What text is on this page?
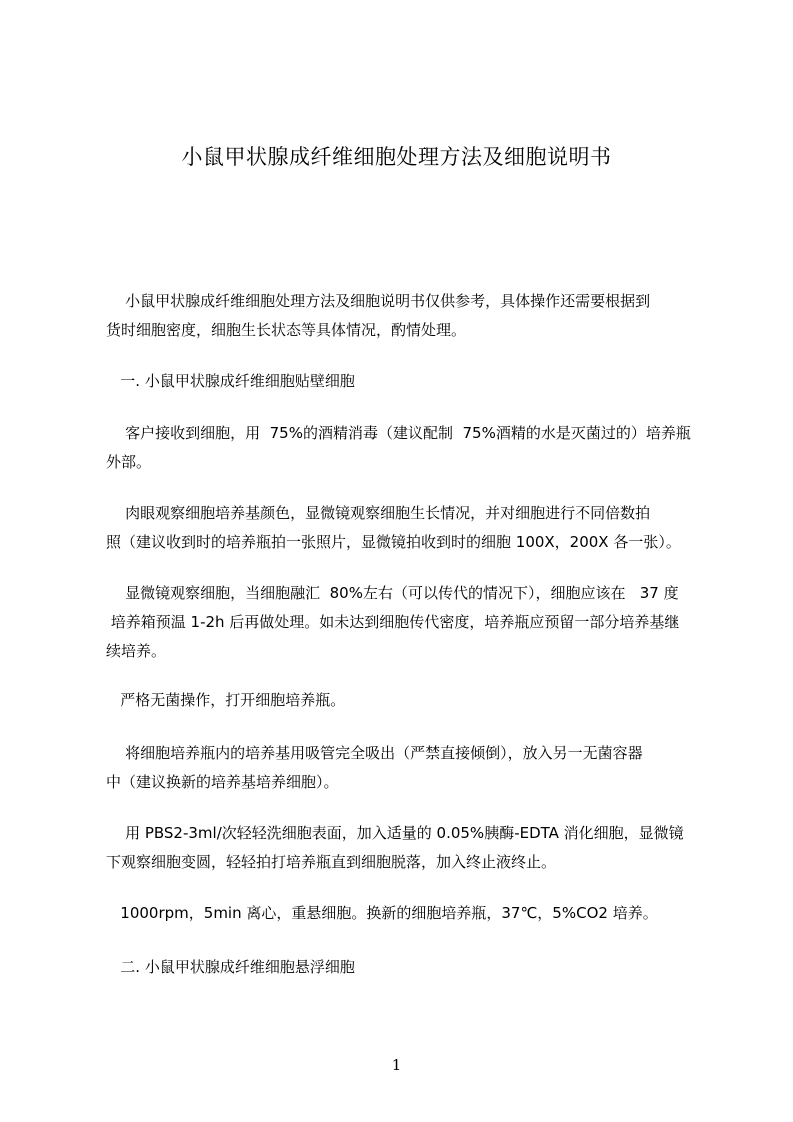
小鼠甲状腺成纤维细胞处理方法及细胞说明书
小鼠甲状腺成纤维细胞处理方法及细胞说明书仅供参考，具体操作还需要根据到
货时细胞密度，细胞生长状态等具体情况，酌情处理。
一. 小鼠甲状腺成纤维细胞贴壁细胞
客户接收到细胞，用  75%的酒精消毒（建议配制  75%酒精的水是灭菌过的）培养瓶
外部。
肉眼观察细胞培养基颜色，显微镜观察细胞生长情况，并对细胞进行不同倍数拍
照（建议收到时的培养瓶拍一张照片，显微镜拍收到时的细胞 100X，200X 各一张）。
显微镜观察细胞，当细胞融汇  80%左右（可以传代的情况下），细胞应该在   37 度
培养箱预温 1-2h 后再做处理。如未达到细胞传代密度，培养瓶应预留一部分培养基继
续培养。
严格无菌操作，打开细胞培养瓶。
将细胞培养瓶内的培养基用吸管完全吸出（严禁直接倾倒），放入另一无菌容器
中（建议换新的培养基培养细胞）。
用 PBS2-3ml/次轻轻洗细胞表面，加入适量的 0.05%胰酶-EDTA 消化细胞，显微镜
下观察细胞变圆，轻轻拍打培养瓶直到细胞脱落，加入终止液终止。
1000rpm，5min 离心，重悬细胞。换新的细胞培养瓶，37℃，5%CO2 培养。
二. 小鼠甲状腺成纤维细胞悬浮细胞
1
